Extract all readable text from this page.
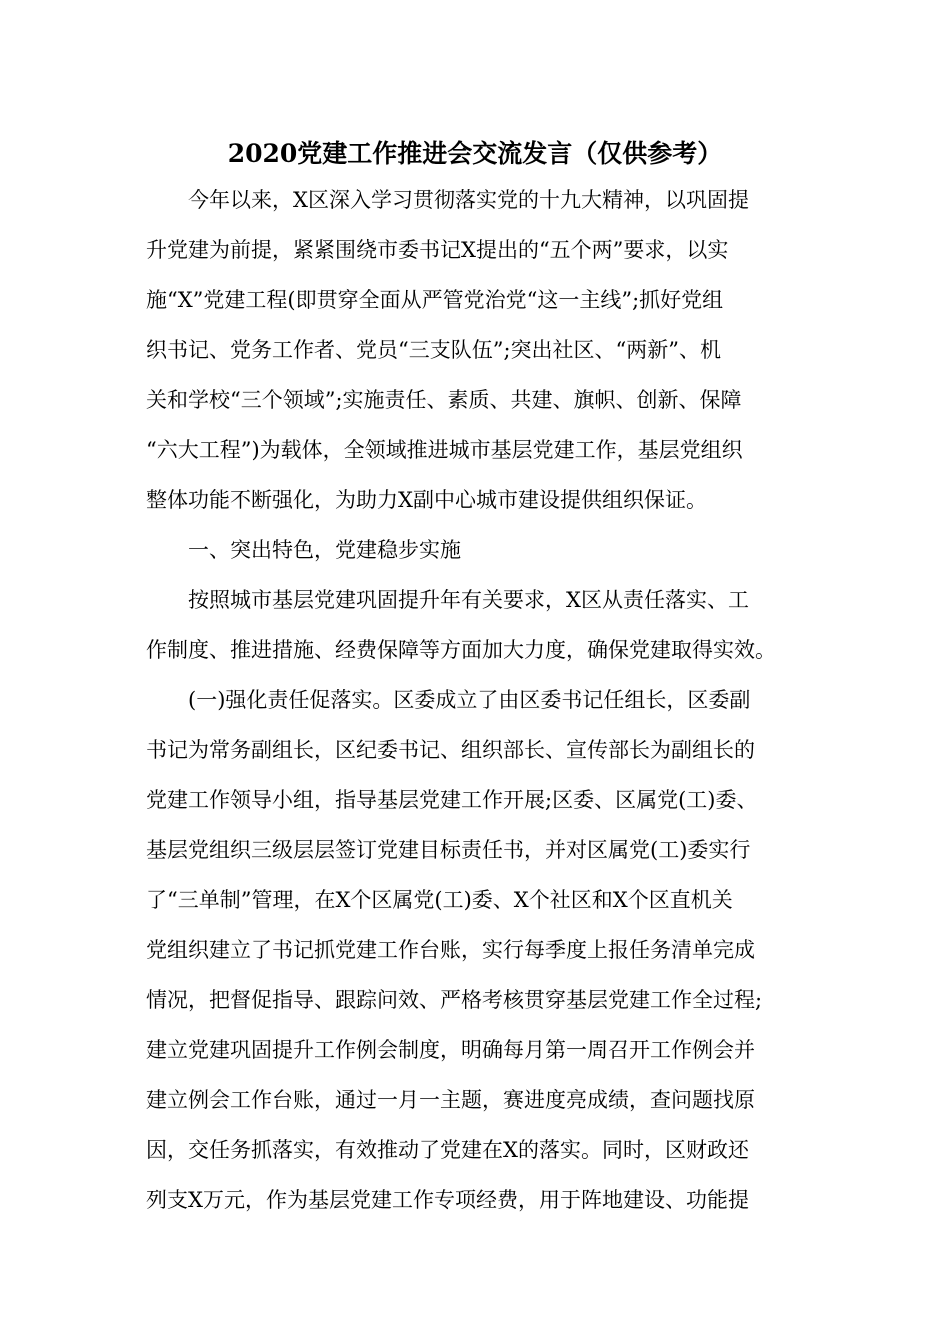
2020党建工作推进会交流发言（仅供参考）
今年以来，X区深入学习贯彻落实党的十九大精神，以巩固提
升党建为前提，紧紧围绕市委书记X提出的“五个两”要求，以实
施“X”党建工程(即贯穿全面从严管党治党“这一主线”;抓好党组
织书记、党务工作者、党员“三支队伍”;突出社区、“两新”、机
关和学校“三个领域”;实施责任、素质、共建、旗帜、创新、保障
“六大工程”)为载体，全领域推进城市基层党建工作，基层党组织
整体功能不断强化，为助力X副中心城市建设提供组织保证。
一、突出特色，党建稳步实施
按照城市基层党建巩固提升年有关要求，X区从责任落实、工
作制度、推进措施、经费保障等方面加大力度，确保党建取得实效。
(一)强化责任促落实。区委成立了由区委书记任组长，区委副
书记为常务副组长，区纪委书记、组织部长、宣传部长为副组长的
党建工作领导小组，指导基层党建工作开展;区委、区属党(工)委、
基层党组织三级层层签订党建目标责任书，并对区属党(工)委实行
了“三单制”管理，在X个区属党(工)委、X个社区和X个区直机关
党组织建立了书记抓党建工作台账，实行每季度上报任务清单完成
情况，把督促指导、跟踪问效、严格考核贯穿基层党建工作全过程;
建立党建巩固提升工作例会制度，明确每月第一周召开工作例会并
建立例会工作台账，通过一月一主题，赛进度亮成绩，查问题找原
因，交任务抓落实，有效推动了党建在X的落实。同时，区财政还
列支X万元，作为基层党建工作专项经费，用于阵地建设、功能提
